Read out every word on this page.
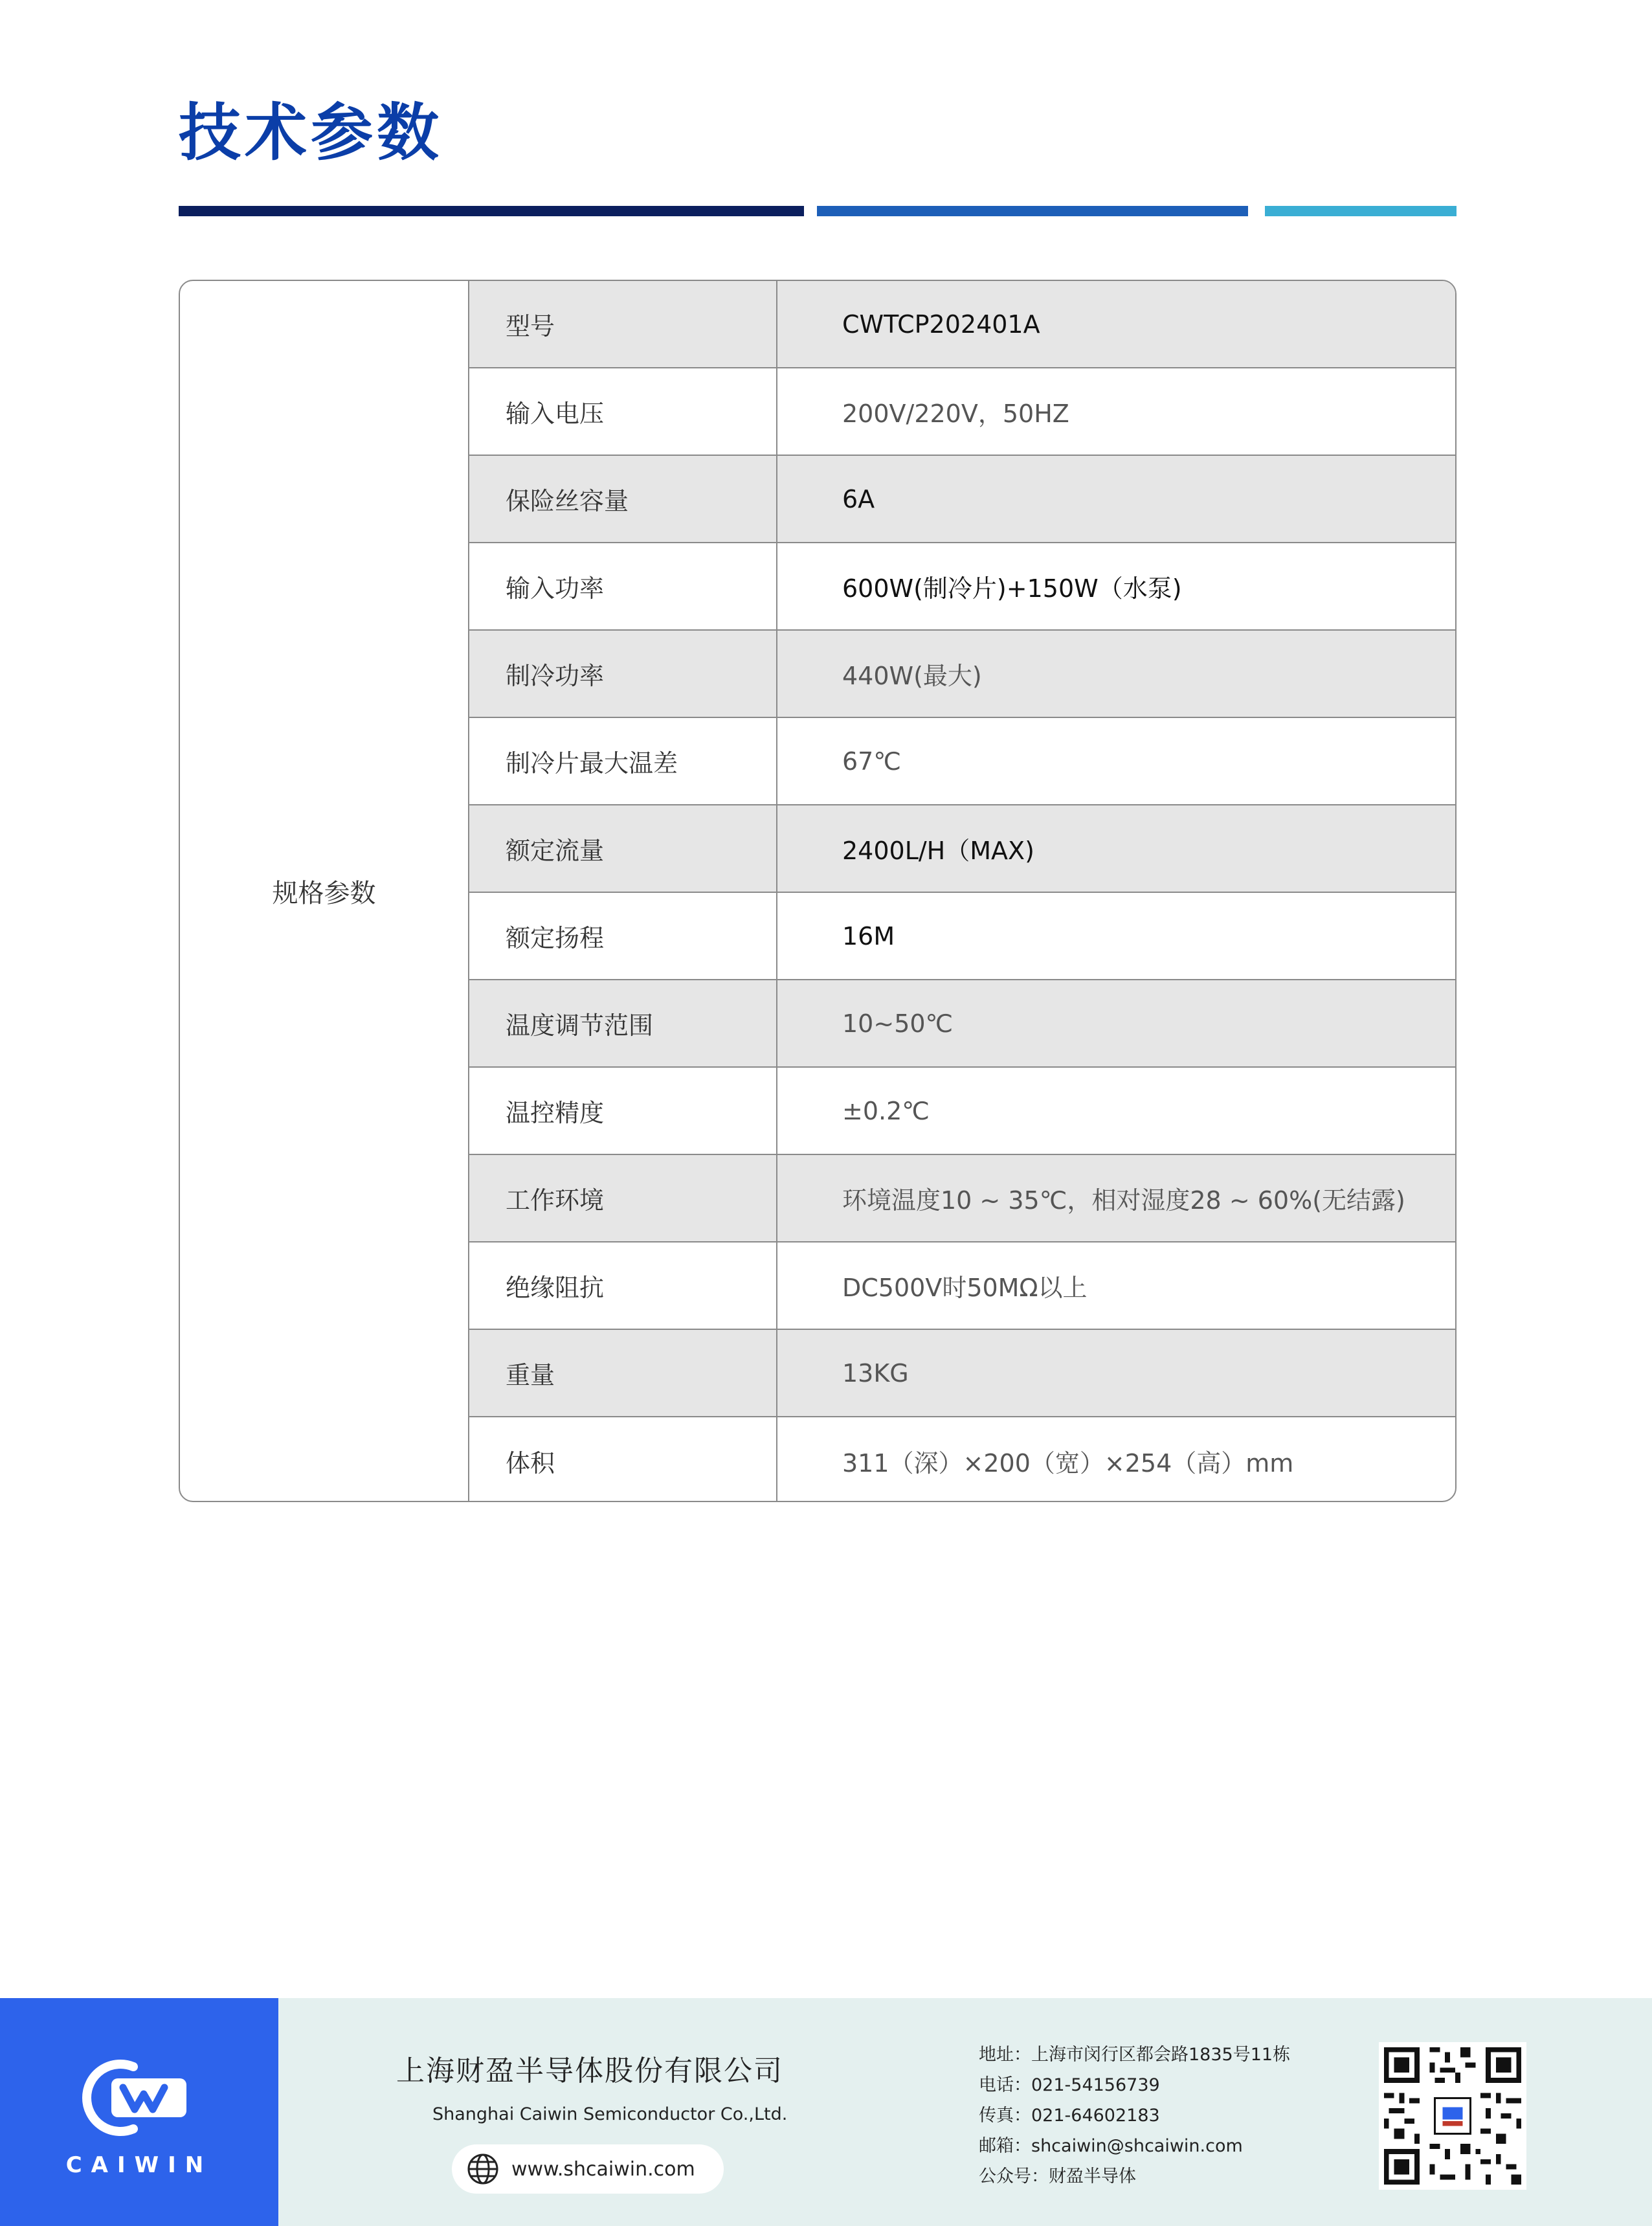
技术参数
规格参数
型号	CWTCP202401A
输入电压	200V/220V，50HZ
保险丝容量	6A
输入功率	600W(制冷片)+150W（水泵)
制冷功率	440W(最大)
制冷片最大温差	67℃
额定流量	2400L/H（MAX)
额定扬程	16M
温度调节范围	10~50℃
温控精度	±0.2℃
工作环境	环境温度10 ~ 35℃，相对湿度28 ~ 60%(无结露)
绝缘阻抗	DC500V时50MΩ以上
重量	13KG
体积	311（深）×200（宽）×254（高）mm
CAIWIN
上海财盈半导体股份有限公司
Shanghai Caiwin Semiconductor Co.,Ltd.
www.shcaiwin.com
地址：上海市闵行区都会路1835号11栋
电话：021-54156739
传真：021-64602183
邮箱：shcaiwin@shcaiwin.com
公众号：财盈半导体
